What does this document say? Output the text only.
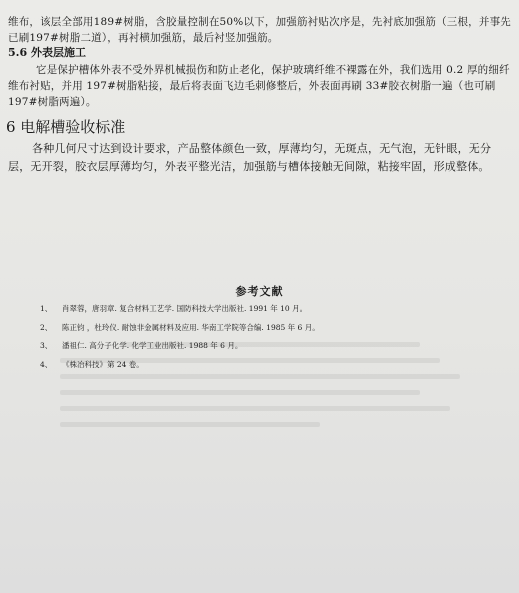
维布，该层全部用189#树脂，含胶量控制在50%以下，加强筋衬贴次序是，先衬底加强筋（三根，并事先已刷197#树脂二道），再衬横加强筋，最后衬竖加强筋。

5.6 外表层施工

它是保护槽体外表不受外界机械损伤和防止老化，保护玻璃纤维不裸露在外，我们选用 0.2 厚的细纤维布衬贴，并用 197#树脂粘接，最后将表面飞边毛刺修整后，外表面再刷 33#胶衣树脂一遍（也可刷 197#树脂两遍）。

6 电解槽验收标准

各种几何尺寸达到设计要求，产品整体颜色一致，厚薄均匀，无斑点，无气泡，无针眼，无分层，无开裂，胶衣层厚薄均匀，外表平整光洁，加强筋与槽体接触无间隙，粘接牢固，形成整体。

参考文献
1、 肖翠蓉，唐羽章. 复合材料工艺学. 国防科技大学出版社. 1991 年 10 月。
2、 陈正钧 ，杜玲仪. 耐蚀非金属材料及应用. 华南工学院等合编. 1985 年 6 月。
3、 潘祖仁. 高分子化学. 化学工业出版社. 1988 年 6 月。
4、 《株冶科技》第 24 卷。
